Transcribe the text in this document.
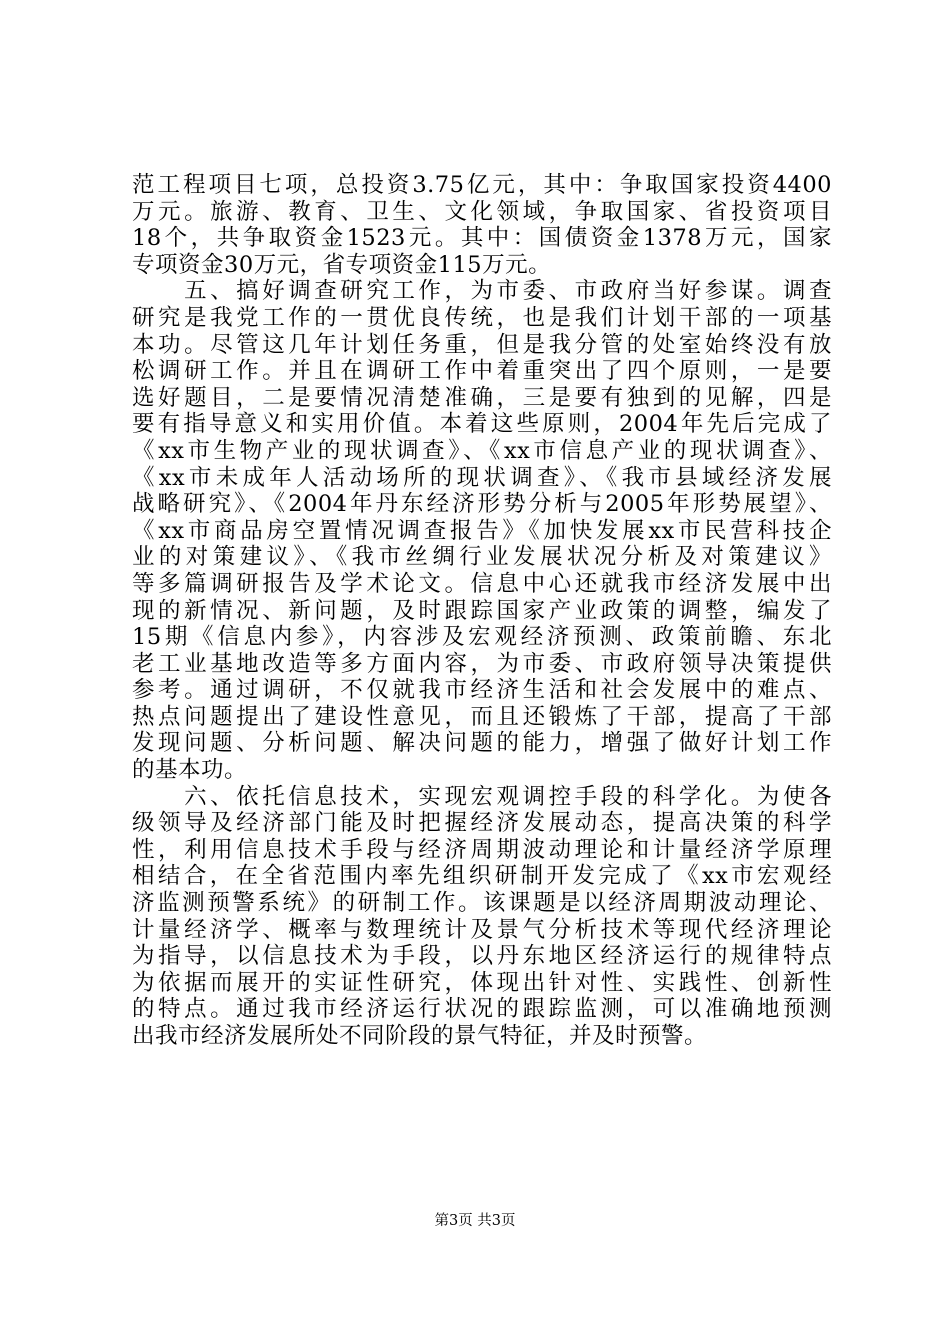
范工程项目七项，总投资3.75亿元，其中：争取国家投资4400
万元。旅游、教育、卫生、文化领域，争取国家、省投资项目
18个，共争取资金1523元。其中：国债资金1378万元，国家
专项资金30万元，省专项资金115万元。
　　五、搞好调查研究工作，为市委、市政府当好参谋。调查
研究是我党工作的一贯优良传统，也是我们计划干部的一项基
本功。尽管这几年计划任务重，但是我分管的处室始终没有放
松调研工作。并且在调研工作中着重突出了四个原则，一是要
选好题目，二是要情况清楚准确，三是要有独到的见解，四是
要有指导意义和实用价值。本着这些原则，2004年先后完成了
《xx市生物产业的现状调查》、《xx市信息产业的现状调查》、
《xx市未成年人活动场所的现状调查》、《我市县域经济发展
战略研究》、《2004年丹东经济形势分析与2005年形势展望》、
《xx市商品房空置情况调查报告》《加快发展xx市民营科技企
业的对策建议》、《我市丝绸行业发展状况分析及对策建议》
等多篇调研报告及学术论文。信息中心还就我市经济发展中出
现的新情况、新问题，及时跟踪国家产业政策的调整，编发了
15期《信息内参》，内容涉及宏观经济预测、政策前瞻、东北
老工业基地改造等多方面内容，为市委、市政府领导决策提供
参考。通过调研，不仅就我市经济生活和社会发展中的难点、
热点问题提出了建设性意见，而且还锻炼了干部，提高了干部
发现问题、分析问题、解决问题的能力，增强了做好计划工作
的基本功。
　　六、依托信息技术，实现宏观调控手段的科学化。为使各
级领导及经济部门能及时把握经济发展动态，提高决策的科学
性，利用信息技术手段与经济周期波动理论和计量经济学原理
相结合，在全省范围内率先组织研制开发完成了《xx市宏观经
济监测预警系统》的研制工作。该课题是以经济周期波动理论、
计量经济学、概率与数理统计及景气分析技术等现代经济理论
为指导，以信息技术为手段，以丹东地区经济运行的规律特点
为依据而展开的实证性研究，体现出针对性、实践性、创新性
的特点。通过我市经济运行状况的跟踪监测，可以准确地预测
出我市经济发展所处不同阶段的景气特征，并及时预警。
第3页 共3页
